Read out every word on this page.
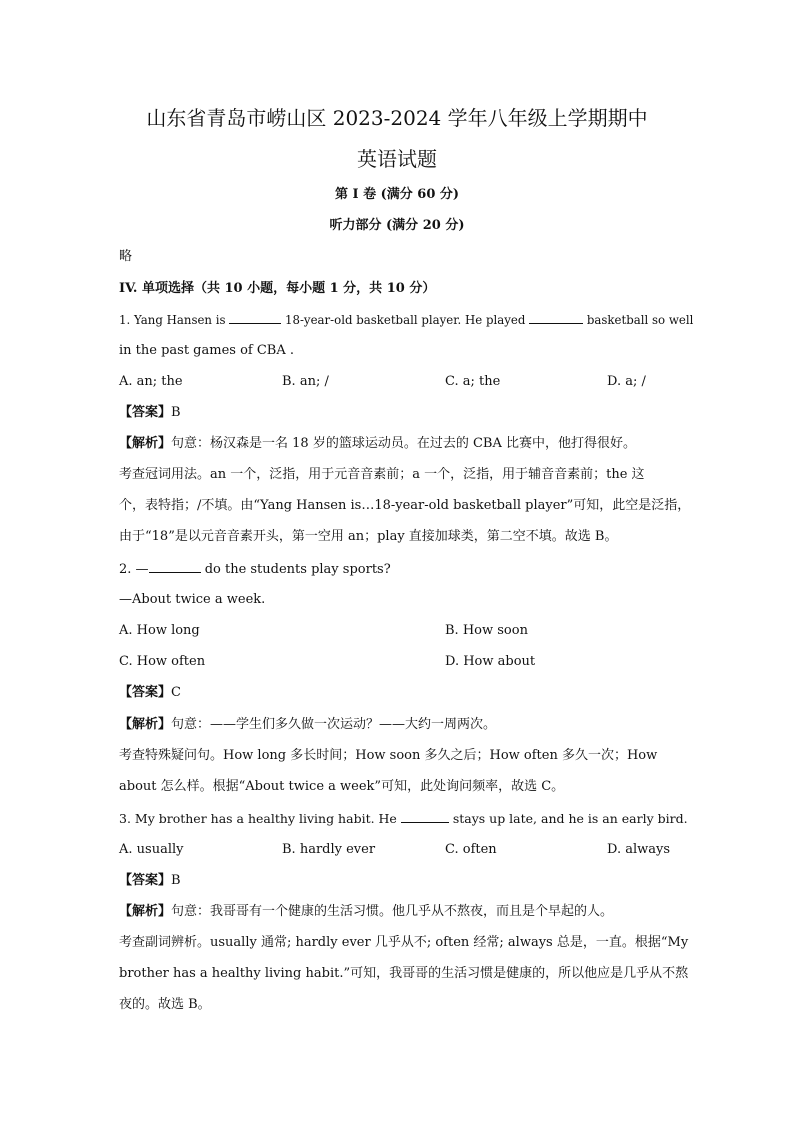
山东省青岛市崂山区 2023-2024 学年八年级上学期期中
英语试题
第 I 卷 (满分 60 分)
听力部分 (满分 20 分)
略
IV. 单项选择（共 10 小题，每小题 1 分，共 10 分）
1. Yang Hansen is	18-year-old basketball player. He played	basketball so well
in the past games of CBA .
A. an; the	B. an; /	C. a; the	D. a; /
【答案】B
【解析】句意：杨汉森是一名 18 岁的篮球运动员。在过去的 CBA 比赛中，他打得很好。
考查冠词用法。an 一个，泛指，用于元音音素前；a 一个，泛指，用于辅音音素前；the 这
个，表特指；/不填。由“Yang Hansen is…18-year-old basketball player”可知，此空是泛指，
由于“18”是以元音音素开头，第一空用 an；play 直接加球类，第二空不填。故选 B。
2. —	do the students play sports?
—About twice a week.
A. How long	B. How soon
C. How often	D. How about
【答案】C
【解析】句意：——学生们多久做一次运动？——大约一周两次。
考查特殊疑问句。How long 多长时间；How soon 多久之后；How often 多久一次；How
about 怎么样。根据“About twice a week”可知，此处询问频率，故选 C。
3. My brother has a healthy living habit. He	stays up late, and he is an early bird.
A. usually	B. hardly ever	C. often	D. always
【答案】B
【解析】句意：我哥哥有一个健康的生活习惯。他几乎从不熬夜，而且是个早起的人。
考查副词辨析。usually 通常; hardly ever 几乎从不; often 经常; always 总是，一直。根据“My
brother has a healthy living habit.”可知，我哥哥的生活习惯是健康的，所以他应是几乎从不熬
夜的。故选 B。
